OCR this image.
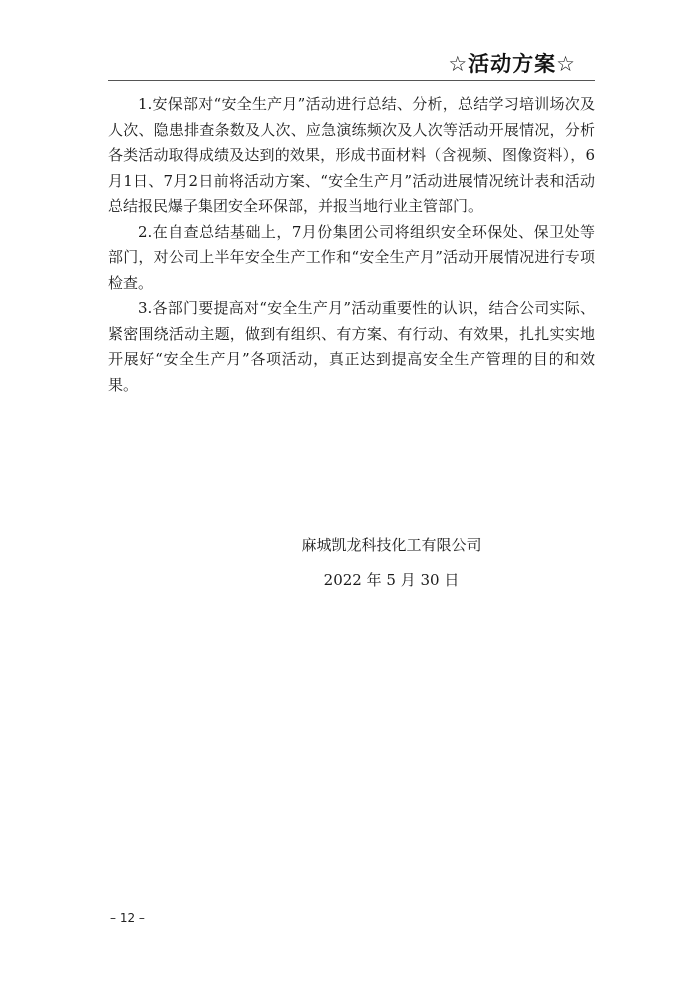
☆活动方案☆

1.安保部对“安全生产月”活动进行总结、分析，总结学习培训场次及人次、隐患排查条数及人次、应急演练频次及人次等活动开展情况，分析各类活动取得成绩及达到的效果，形成书面材料（含视频、图像资料），6月1日、7月2日前将活动方案、“安全生产月”活动进展情况统计表和活动总结报民爆子集团安全环保部，并报当地行业主管部门。

2.在自查总结基础上，7月份集团公司将组织安全环保处、保卫处等部门，对公司上半年安全生产工作和“安全生产月”活动开展情况进行专项检查。

3.各部门要提高对“安全生产月”活动重要性的认识，结合公司实际、紧密围绕活动主题，做到有组织、有方案、有行动、有效果，扎扎实实地开展好“安全生产月”各项活动，真正达到提高安全生产管理的目的和效果。

麻城凯龙科技化工有限公司
2022 年 5 月 30 日
– 12 –
